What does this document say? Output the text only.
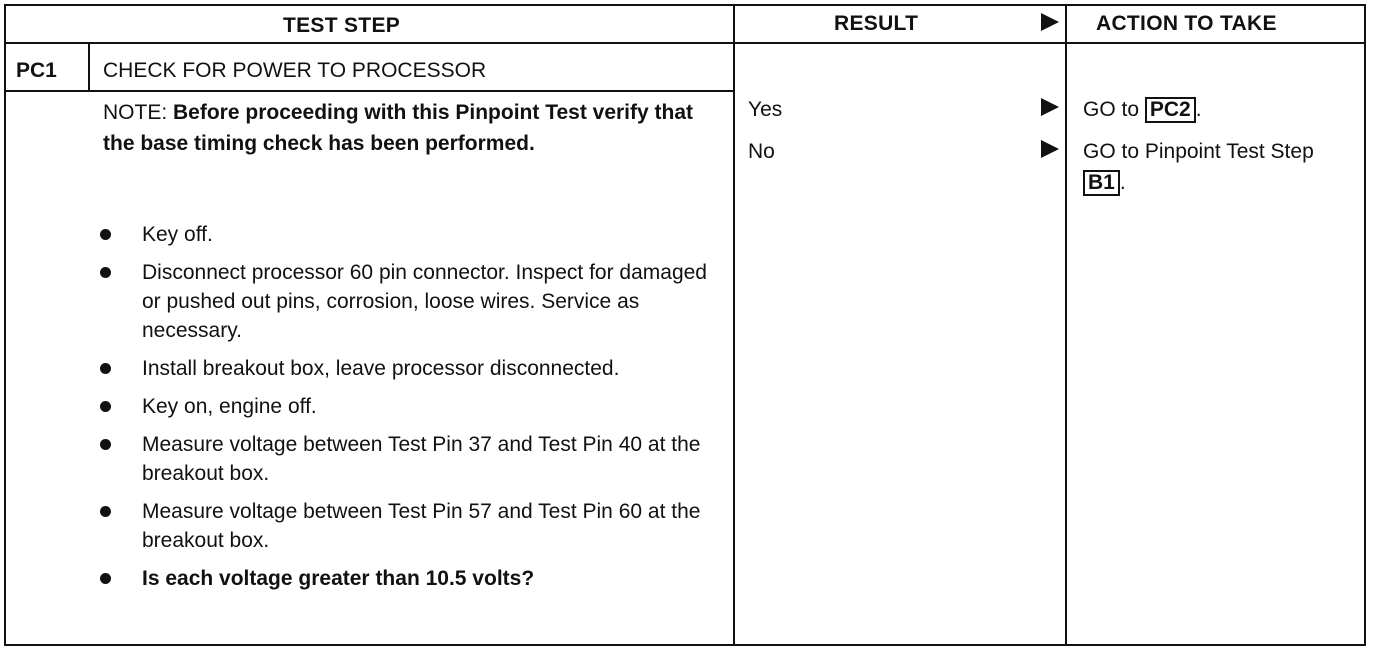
TEST STEP	RESULT	ACTION TO TAKE
PC1 CHECK FOR POWER TO PROCESSOR
NOTE: Before proceeding with this Pinpoint Test verify that the base timing check has been performed.
Key off.
Disconnect processor 60 pin connector. Inspect for damaged or pushed out pins, corrosion, loose wires. Service as necessary.
Install breakout box, leave processor disconnected.
Key on, engine off.
Measure voltage between Test Pin 37 and Test Pin 40 at the breakout box.
Measure voltage between Test Pin 57 and Test Pin 60 at the breakout box.
Is each voltage greater than 10.5 volts?
Yes	GO to PC2 .
No	GO to Pinpoint Test Step B1 .
